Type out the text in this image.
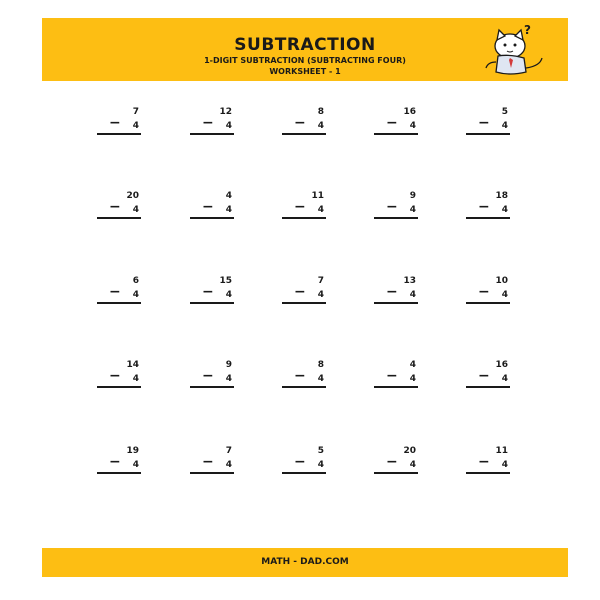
SUBTRACTION
1-DIGIT SUBTRACTION (SUBTRACTING FOUR)
WORKSHEET - 1
?
7
− 4
12
− 4
8
− 4
16
− 4
5
− 4
20
− 4
4
− 4
11
− 4
9
− 4
18
− 4
6
− 4
15
− 4
7
− 4
13
− 4
10
− 4
14
− 4
9
− 4
8
− 4
4
− 4
16
− 4
19
− 4
7
− 4
5
− 4
20
− 4
11
− 4
MATH - DAD.COM
